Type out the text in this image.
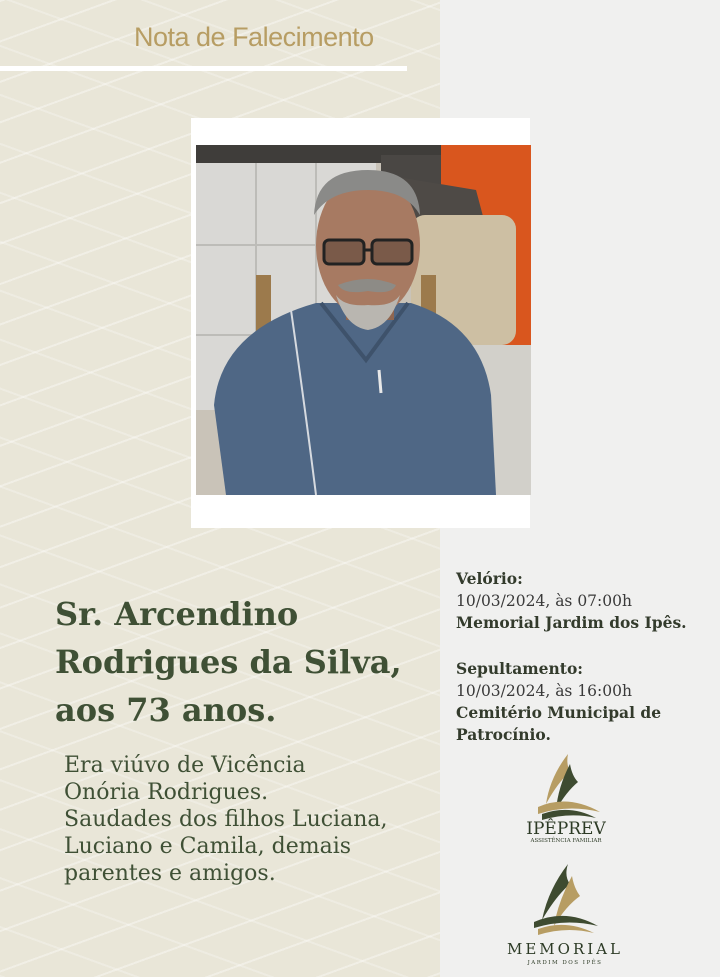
Nota de Falecimento
Sr. Arcendino
Rodrigues da Silva,
aos 73 anos.
Era viúvo de Vicência
Onória Rodrigues.
Saudades dos filhos Luciana,
Luciano e Camila, demais
parentes e amigos.
Velório:
10/03/2024, às 07:00h
Memorial Jardim dos Ipês.
Sepultamento:
10/03/2024, às 16:00h
Cemitério Municipal de
Patrocínio.
IPÊPREV
ASSISTÊNCIA FAMILIAR
MEMORIAL
JARDIM DOS IPÊS
